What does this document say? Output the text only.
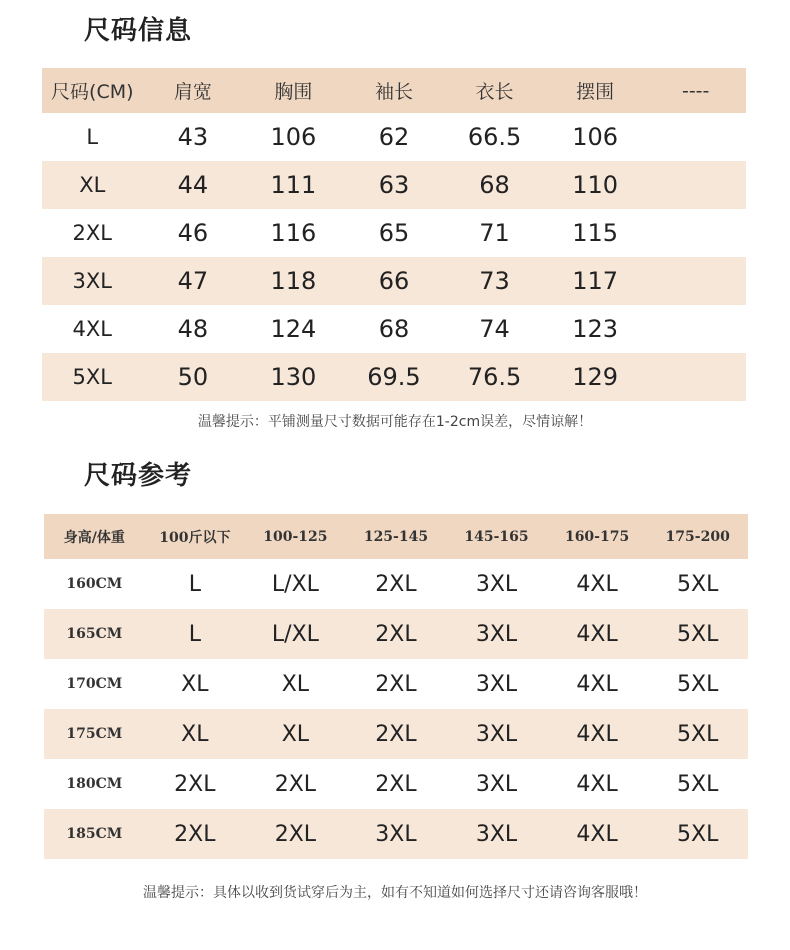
尺码信息
尺码(CM)	肩宽	胸围	袖长	衣长	摆围	----
L	43	106	62	66.5	106	
XL	44	111	63	68	110	
2XL	46	116	65	71	115	
3XL	47	118	66	73	117	
4XL	48	124	68	74	123	
5XL	50	130	69.5	76.5	129	

温馨提示：平铺测量尺寸数据可能存在1-2cm误差，尽情谅解！

尺码参考
身高/体重	100斤以下	100-125	125-145	145-165	160-175	175-200
160CM	L	L/XL	2XL	3XL	4XL	5XL
165CM	L	L/XL	2XL	3XL	4XL	5XL
170CM	XL	XL	2XL	3XL	4XL	5XL
175CM	XL	XL	2XL	3XL	4XL	5XL
180CM	2XL	2XL	2XL	3XL	4XL	5XL
185CM	2XL	2XL	3XL	3XL	4XL	5XL

温馨提示：具体以收到货试穿后为主，如有不知道如何选择尺寸还请咨询客服哦！
